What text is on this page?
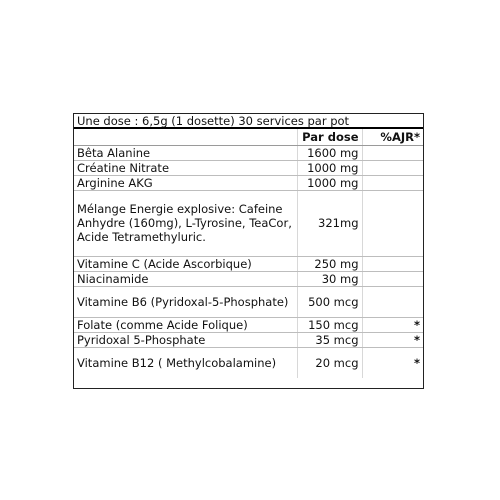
Une dose : 6,5g (1 dosette) 30 services par pot
	Par dose	%AJR*
Bêta Alanine	1600 mg	
Créatine Nitrate	1000 mg	
Arginine AKG	1000 mg	
Mélange Energie explosive: Cafeine Anhydre (160mg), L-Tyrosine, TeaCor, Acide Tetramethyluric.	321mg	
Vitamine C (Acide Ascorbique)	250 mg	
Niacinamide	30 mg	
Vitamine B6 (Pyridoxal-5-Phosphate)	500 mcg	
Folate (comme Acide Folique)	150 mcg	*
Pyridoxal 5-Phosphate	35 mcg	*
Vitamine B12 ( Methylcobalamine)	20 mcg	*
